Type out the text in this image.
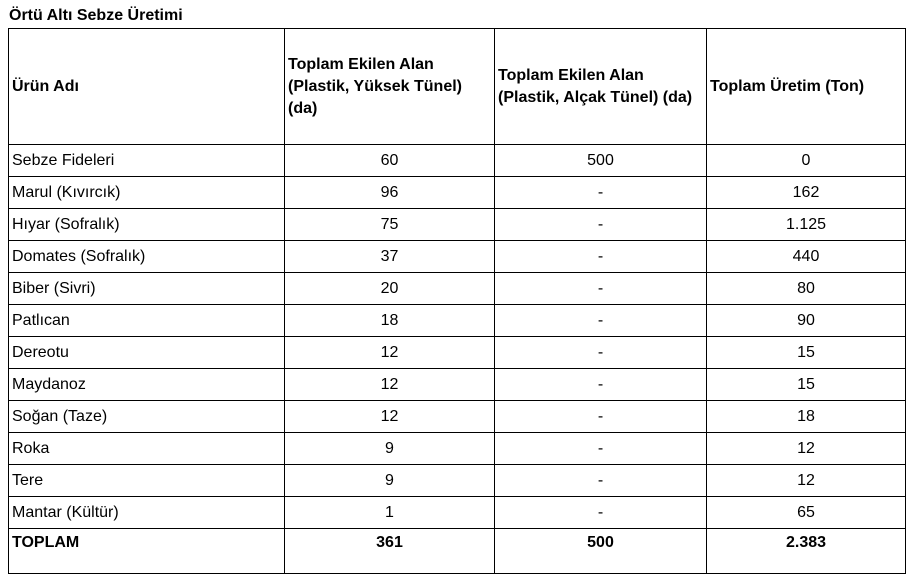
Örtü Altı Sebze Üretimi
Ürün Adı	Toplam Ekilen Alan (Plastik, Yüksek Tünel) (da)	Toplam Ekilen Alan (Plastik, Alçak Tünel) (da)	Toplam Üretim (Ton)
Sebze Fideleri	60	500	0
Marul (Kıvırcık)	96	-	162
Hıyar (Sofralık)	75	-	1.125
Domates (Sofralık)	37	-	440
Biber (Sivri)	20	-	80
Patlıcan	18	-	90
Dereotu	12	-	15
Maydanoz	12	-	15
Soğan (Taze)	12	-	18
Roka	9	-	12
Tere	9	-	12
Mantar (Kültür)	1	-	65
TOPLAM	361	500	2.383
